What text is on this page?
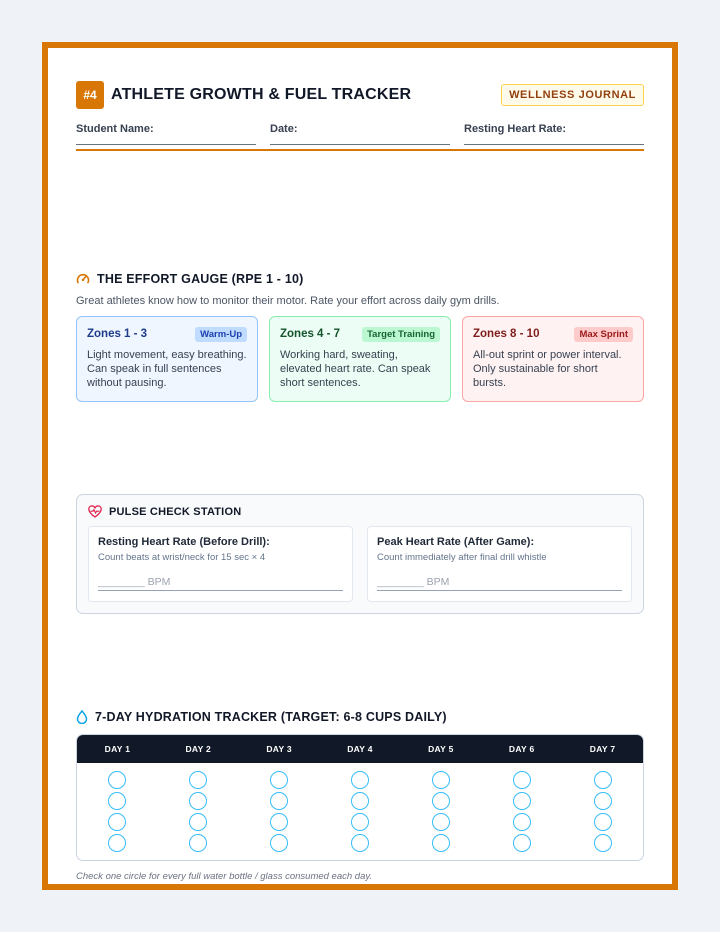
#4 ATHLETE GROWTH & FUEL TRACKER	WELLNESS JOURNAL
Student Name:	Date:	Resting Heart Rate:
THE EFFORT GAUGE (RPE 1 - 10)
Great athletes know how to monitor their motor. Rate your effort across daily gym drills.
Zones 1 - 3	Warm-Up
Light movement, easy breathing. Can speak in full sentences without pausing.
Zones 4 - 7	Target Training
Working hard, sweating, elevated heart rate. Can speak short sentences.
Zones 8 - 10	Max Sprint
All-out sprint or power interval. Only sustainable for short bursts.
PULSE CHECK STATION
Resting Heart Rate (Before Drill):
Count beats at wrist/neck for 15 sec × 4
________ BPM
Peak Heart Rate (After Game):
Count immediately after final drill whistle
________ BPM
7-DAY HYDRATION TRACKER (TARGET: 6-8 CUPS DAILY)
DAY 1	DAY 2	DAY 3	DAY 4	DAY 5	DAY 6	DAY 7
Check one circle for every full water bottle / glass consumed each day.
